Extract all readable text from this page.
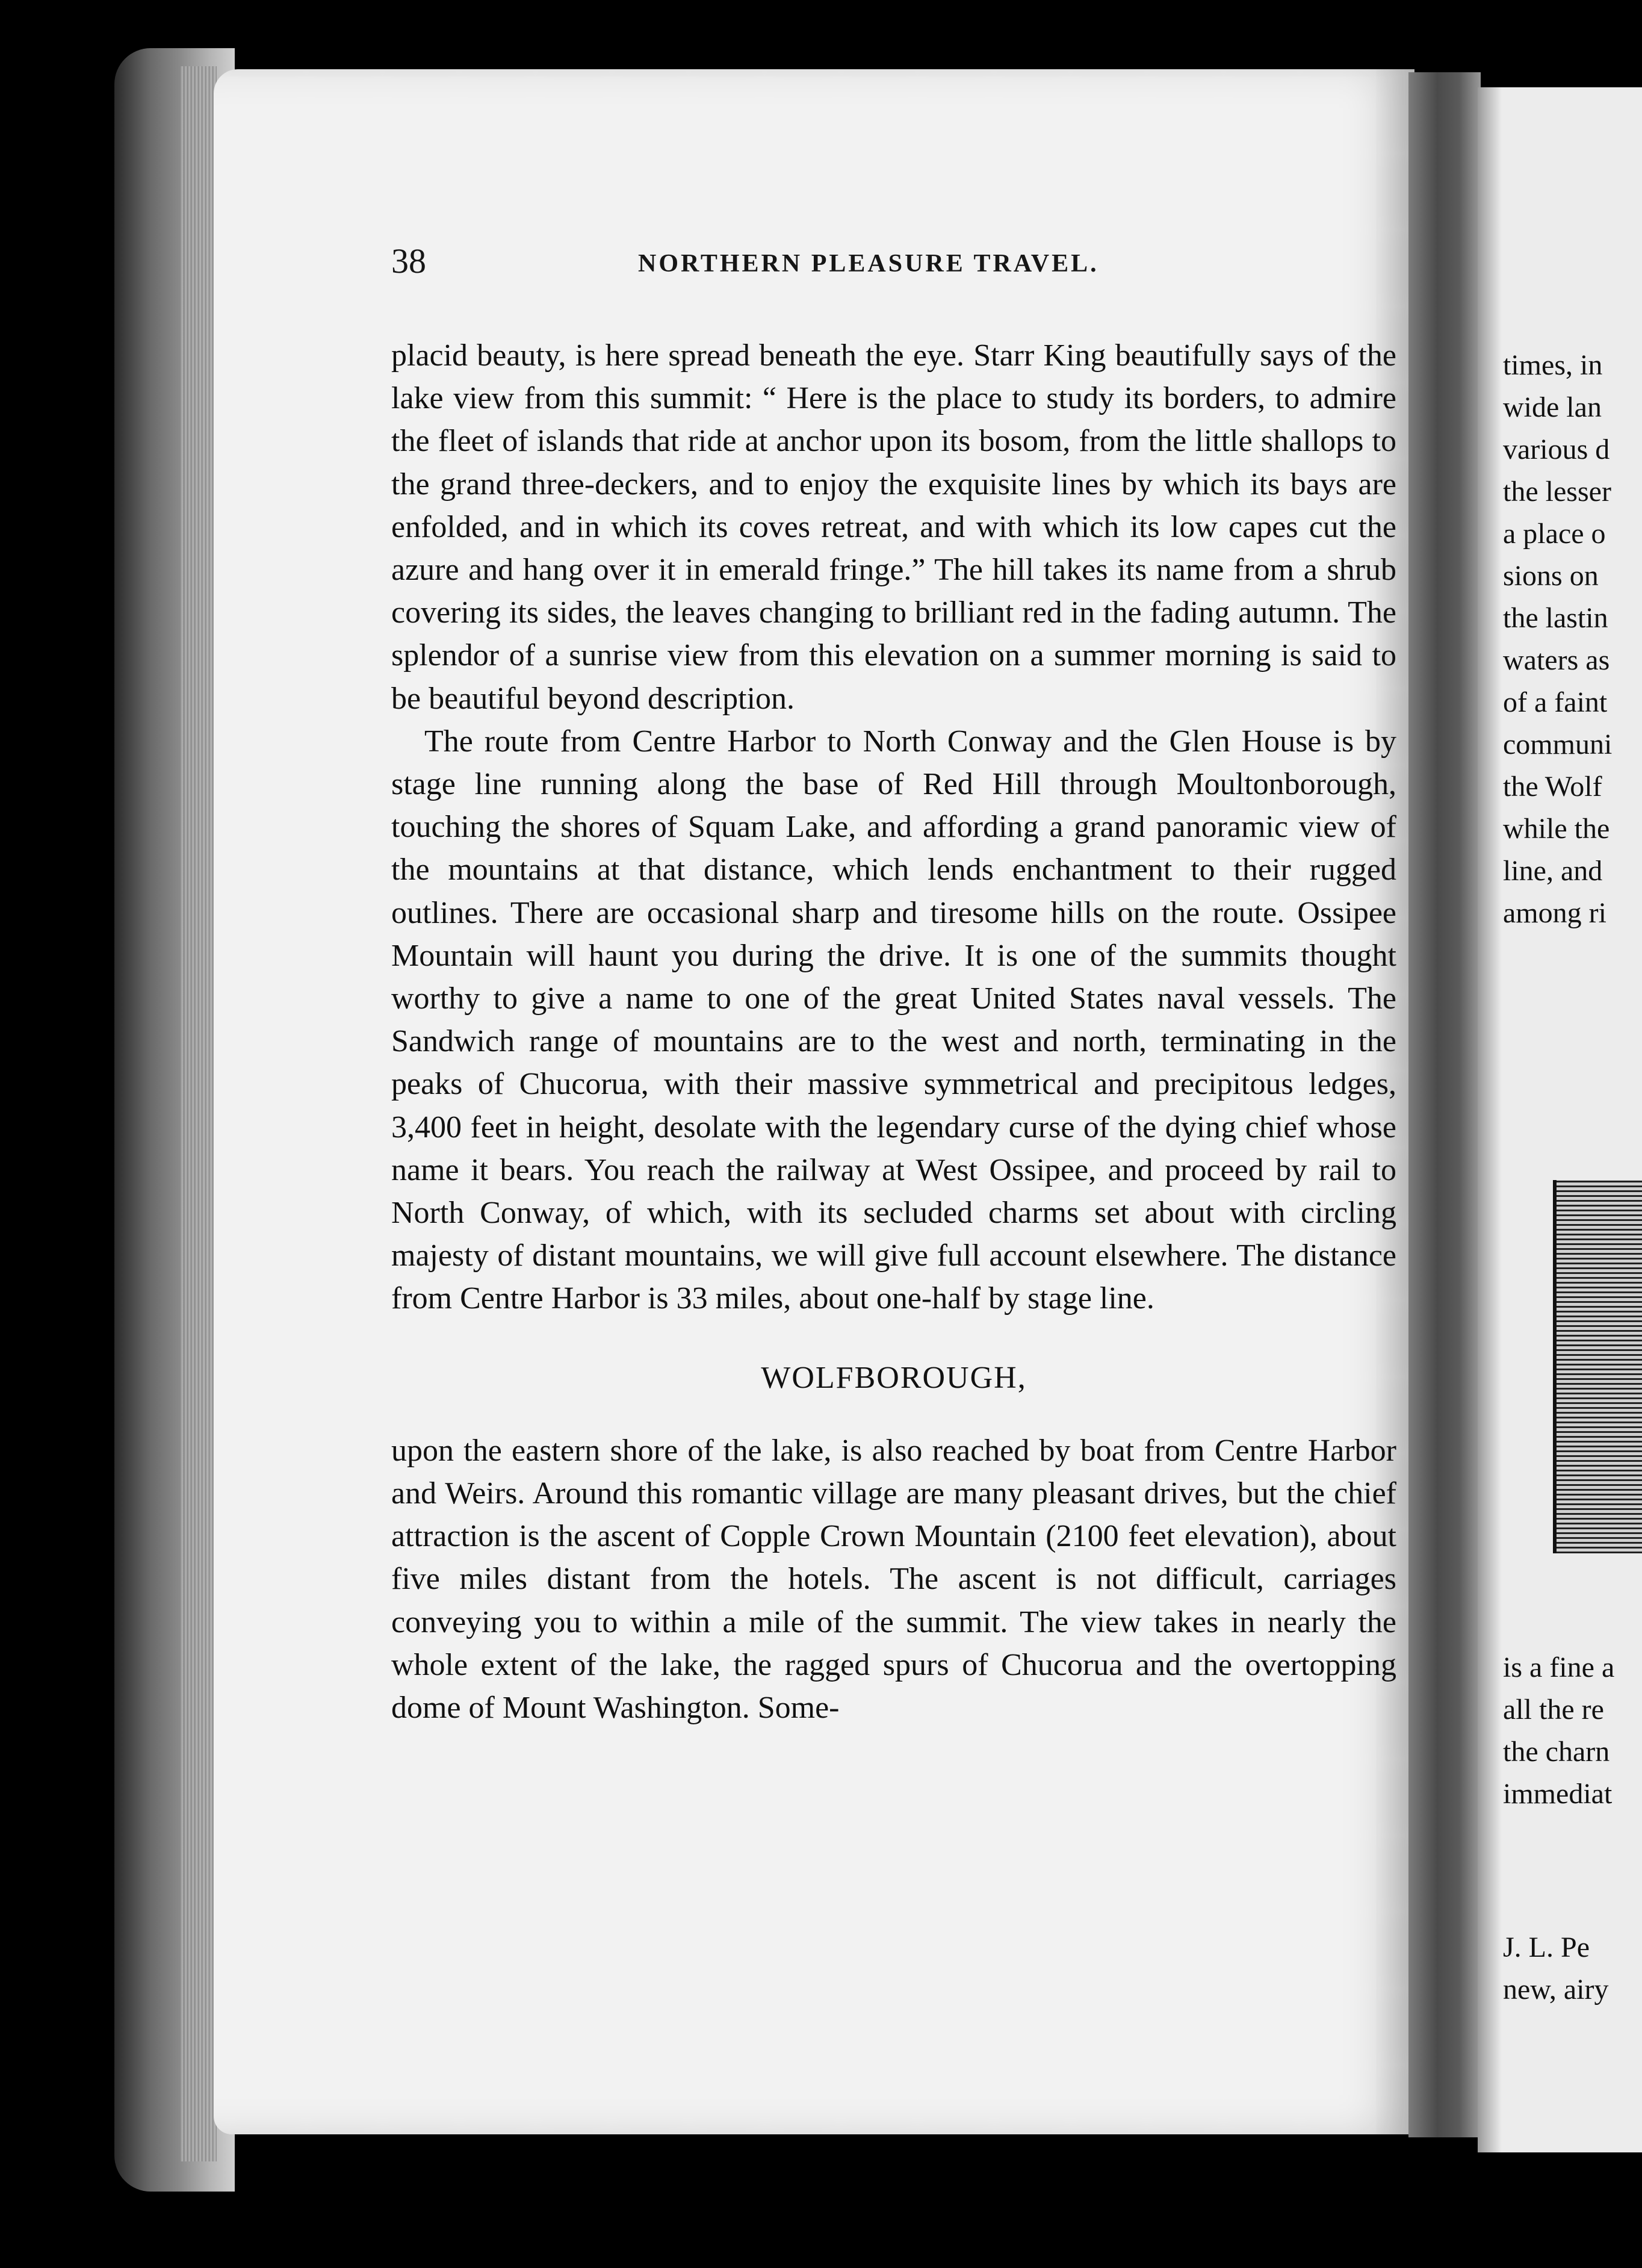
38	NORTHERN PLEASURE TRAVEL.

placid beauty, is here spread beneath the eye. Starr King beautifully says of the lake view from this summit: “ Here is the place to study its borders, to admire the fleet of islands that ride at anchor upon its bosom, from the little shallops to the grand three-deckers, and to enjoy the exquisite lines by which its bays are enfolded, and in which its coves retreat, and with which its low capes cut the azure and hang over it in emerald fringe.” The hill takes its name from a shrub covering its sides, the leaves changing to brilliant red in the fading autumn. The splendor of a sunrise view from this elevation on a summer morning is said to be beautiful beyond description.

The route from Centre Harbor to North Conway and the Glen House is by stage line running along the base of Red Hill through Moultonborough, touching the shores of Squam Lake, and affording a grand panoramic view of the mountains at that distance, which lends enchantment to their rugged outlines. There are occasional sharp and tiresome hills on the route. Ossipee Mountain will haunt you during the drive. It is one of the summits thought worthy to give a name to one of the great United States naval vessels. The Sandwich range of mountains are to the west and north, terminating in the peaks of Chucorua, with their massive symmetrical and precipitous ledges, 3,400 feet in height, desolate with the legendary curse of the dying chief whose name it bears. You reach the railway at West Ossipee, and proceed by rail to North Conway, of which, with its secluded charms set about with circling majesty of distant mountains, we will give full account elsewhere. The distance from Centre Harbor is 33 miles, about one-half by stage line.

WOLFBOROUGH,

upon the eastern shore of the lake, is also reached by boat from Centre Harbor and Weirs. Around this romantic village are many pleasant drives, but the chief attraction is the ascent of Copple Crown Mountain (2100 feet elevation), about five miles distant from the hotels. The ascent is not difficult, carriages conveying you to within a mile of the summit. The view takes in nearly the whole extent of the lake, the ragged spurs of Chucorua and the overtopping dome of Mount Washington. Some-

times, in
wide lan
various d
the lesser
a place o
sions on
the lastin
waters as
of a faint
communi
the Wolf
while the
line, and
among ri
is a fine a
all the re
the charn
immediat
J. L. Pe
new, airy
